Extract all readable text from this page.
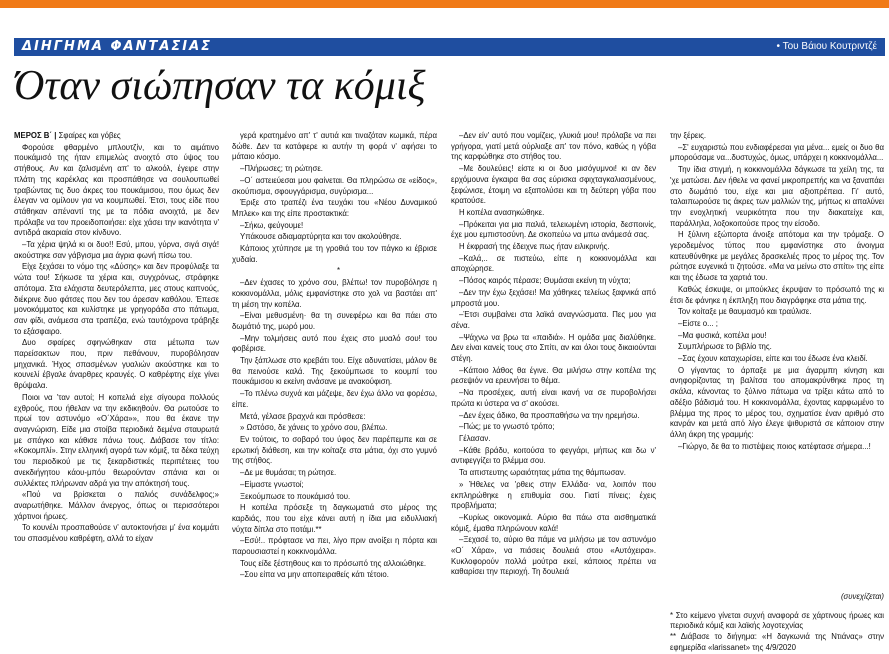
ΔΙΗΓΗΜΑ ΦΑΝΤΑΣΙΑΣ	• Του Βάιου Κουτριντζέ
Όταν σιώπησαν τα κόμιξ

ΜΕΡΟΣ Β΄ | Σφαίρες και γόβες

Φορούσε φθαρμένο μπλουτζίν, και το αιμάτινο πουκάμισό της ήταν επιμελώς ανοιχτό στο ύψος του στήθους. Αν και ζαλισμένη απ' το αλκοόλ, έγειρε στην πλάτη της καρέκλας και προσπάθησε να σουλουπωθεί τραβώντας τις δυο άκρες του πουκάμισου, που όμως δεν έλεγαν να ομίλουν για να κουμπωθεί. Έτσι, τους είδε που στάθηκαν απέναντί της με τα πόδια ανοιχτά, με δεν πρόλαβε να τον προειδοποιήσει: είχε χάσει την ικανότητα ν' αντιδρά ακαριαία στον κίνδυνο.

–Τα χέρια ψηλά κι οι δυο!! Εσύ, μπου, γύρνα, σιγά σιγά! ακούστηκε σαν γάβγισμα μια άγρια φωνή πίσω του.

Είχε ξεχάσει το νόμο της «Δύσης» και δεν προφύλαξε τα νώτα του! Σήκωσε τα χέρια και, συγχρόνως, στράφηκε απότομα. Στα ελάχιστα δευτερόλεπτα, μες στους καπνούς, διέκρινε δυο φάτσες που δεν του άρεσαν καθόλου. Έπεσε μονοκόμματος και κυλίστηκε με γρηγοράδα στο πάτωμα, σαν φίδι, ανάμεσα στα τραπέζια, ενώ ταυτόχρονα τράβηξε το εξάσφαιρο.

Δυο σφαίρες σφηνώθηκαν στα μέτωπα των παρείσακτων που, πριν πεθάνουν, πυροβόλησαν μηχανικά. Ήχος σπασμένων γυαλιών ακούστηκε και το κουνελί έβγαλε άναρθρες κραυγές. Ο καθρέφτης είχε γίνει θρύψαλα.

Ποιοι να 'ταν αυτοί; Η κοπελιά είχε σίγουρα πολλούς εχθρούς, που ήθελαν να την εκδικηθούν. Θα ρωτούσε το πρωί τον αστυνόμο «Ο΄Χάρα»», που θα έκανε την αναγνώριση. Είδε μια στοίβα περιοδικά δεμένα σταυρωτά με σπάγκο και κάθισε πάνω τους. Διάβασε τον τίτλο: «Κοκομπλί». Στην ελληνική αγορά των κόμιξ, τα δέκα τεύχη του περιοδικού με τις ξεκαρδιστικές περιπέτειες του ανεκδιήγητου κάου-μπόυ θεωρούνταν σπάνια και οι συλλέκτες πλήρωναν αδρά για την απόκτησή τους.

«Πού να βρίσκεται ο παλιός συνάδελφος;» αναρωτήθηκε. Μάλλον άνεργος, όπως οι περισσότεροι χάρτινοι ήρωες.

Το κουνέλι προσπαθούσε ν' αυτοκτονήσει μ' ένα κομμάτι του σπασμένου καθρέφτη, αλλά το είχαν

γερά κρατημένο απ' τ' αυτιά και τιναζόταν κωμικά, πέρα δώθε. Δεν τα κατάφερε κι αυτήν τη φορά ν' αφήσει το μάταιο κόσμο.

–Πλήρωσες; τη ρώτησε.

–Ο΄ αστειεύεσαι μου φαίνεται. Θα πληρώσω σε «είδος», σκούπισμα, σφουγγάρισμα, συγύρισμα...

Έριξε στο τραπέζι ένα τευχάκι του «Νέου Δυναμικού Μπλεκ» και της είπε προστακτικά:

–Σήκω, φεύγουμε!

Υπάκουσε αδιαμαρτύρητα και τον ακολούθησε.

Κάποιος χτύπησε με τη γροθιά του τον πάγκο κι έβρισε χυδαία.

*

–Δεν έχασες το χρόνο σου, βλέπω! τον πυροβόλησε η κοκκινομάλλα, μόλις εμφανίστηκε στο χολ να βαστάει απ' τη μέση την κοπέλα.

–Είναι μεθυσμένη· θα τη συνεφέρω και θα πάει στο δωμάτιό της, μωρό μου.

–Μην τολμήσεις αυτό που έχεις στο μυαλό σου! του φοβέρισε.

Την ξάπλωσε στο κρεβάτι του. Είχε αδυνατίσει, μάλον θε θα πεινούσε καλά. Της ξεκούμπωσε το κουμπί του πουκάμισου κι εκείνη ανάσανε με ανακούφιση.

–Το πλένω συχνά και μάζεψε, δεν έχω άλλο να φορέσω, είπε.

Μετά, γέλασε βραχνά και πρόσθεσε:

» Ωστόσο, δε χάνεις το χρόνο σου, βλέπω.

Εν τούτοις, το σοβαρό του ύφος δεν παρέπεμπε και σε ερωτική διάθεση, και την κοίταζε στα μάτια, όχι στο γυμνό της στήθος.

–Δε με θυμάσαι; τη ρώτησε.

–Είμαστε γνωστοί;

Ξεκούμπωσε το πουκάμισό του.

Η κοπέλα πρόσεξε τη δαγκωματιά στο μέρος της καρδιάς, που του είχε κάνει αυτή η ίδια μια ειδυλλιακή νύχτα δίπλα στο ποτάμι.**

–Εσύ!.. πρόφτασε να πει, λίγο πριν ανοίξει η πόρτα και παρουσιαστεί η κοκκινομάλλα.

Τους είδε ξέστηθους και το πρόσωπό της αλλοιώθηκε.

–Σου είπα να μην αποπειραθείς κάτι τέτοιο.

–Δεν είν' αυτό που νομίζεις, γλυκιά μου! πρόλαβε να πει γρήγορα, γιατί μετά ούρλιαξε απ' τον πόνο, καθώς η γόβα της καρφώθηκε στο στήθος του.

–Με δουλεύεις! είστε κι οι δυο μισόγυμνοι! κι αν δεν ερχόμουνα έγκαιρα θα σας εύρισκα σφιχταγκαλιασμένους, ξεφώνισε, έτοιμη να εξαπολύσει και τη δεύτερη γόβα που κρατούσε.

Η κοπέλα ανασηκώθηκε.

–Πρόκειται για μια παλιά, τελειωμένη ιστορία, δεσποινίς, έχε μου εμπιστοσύνη. Δε σκοπεύω να μπω ανάμεσά σας.

Η έκφρασή της έδειχνε πως ήταν ειλικρινής.

–Καλά,.. σε πιστεύω, είπε η κοκκινομάλλα και αποχώρησε.

–Πόσος καιρός πέρασε; Θυμάσαι εκείνη τη νύχτα;

–Δεν την έχω ξεχάσει! Μα χάθηκες τελείως ξαφνικά από μπροστά μου.

–Έτσι συμβαίνει στα λαϊκά αναγνώσματα. Πες μου για σένα.

–Ψάχνω να βρω τα «παιδιά». Η ομάδα μας διαλύθηκε. Δεν είναι κανείς τους στο Σπίτι, αν και όλοι τους δικαιούνται στέγη.

–Κάποιο λάθος θα έγινε. Θα μιλήσω στην κοπέλα της ρεσεψιόν να ερευνήσει το θέμα.

–Να προσέχεις, αυτή είναι ικανή να σε πυροβολήσει πρώτα κι ύστερα να σ' ακούσει.

–Δεν έχεις άδικο, θα προσπαθήσω να την ηρεμήσω.

–Πώς; με το γνωστό τρόπο;

Γέλασαν.

–Κάθε βράδυ, κοιτούσα το φεγγάρι, μήπως και δω ν' αντιφεγγίζει το βλέμμα σου.

Τα απιστευτης ωραιότητας μάτια της θάμπωσαν.

» Ήθελες να 'ρθεις στην Ελλάδα· να, λοιπόν που εκπληρώθηκε η επιθυμία σου. Γιατί πίνεις; έχεις προβλήματα;

–Κυρίως οικονομικά. Αύριο θα πάω στα αισθηματικά κόμιξ, έμαθα πληρώνουν καλά!

–Ξεχασέ το, αύριο θα πάμε να μιλήσω με τον αστυνόμο «Ο΄ Χάρα», να πιάσεις δουλειά στου «Αυτόχειρα». Κυκλοφορούν πολλά μούτρα εκεί, κάποιος πρέπει να καθαρίσει την περιοχή. Τη δουλειά

την ξέρεις.

–Σ' ευχαριστώ που ενδιαφέρεσαι για μένα... εμείς οι δυο θα μπορούσαμε να...δυστυχώς, όμως, υπάρχει η κοκκινομάλλα...

Την ίδια στιγμή, η κοκκινομάλλα δάγκωσε τα χείλη της, τα 'χε ματώσει. Δεν ήθελε να φανεί μικροπρεπής και να ξαναπάει στο δωμάτιό του, είχε και μια αξιοπρέπεια. Γι' αυτό, ταλαιπωρούσε τις άκρες των μαλλιών της, μήπως κι απαλύνει την ενοχλητική νευρικότητα που την διακατείχε και, παράλληλα, λοξοκοιτούσε προς την είσοδο.

Η ξύλινη εξώπορτα άνοιξε απότομα και την τρόμαξε. Ο γεροδεμένος τύπος που εμφανίστηκε στο άνοιγμα κατευθύνθηκε με μεγάλες δρασκελιές προς το μέρος της. Τον ρώτησε ευγενικά τι ζητούσε. «Μα να μείνω στο σπίτι» της είπε και της έδωσε τα χαρτιά του.

Καθώς έσκυψε, οι μπούκλες έκρυψαν το πρόσωπό της κι έτσι δε φάνηκε η έκπληξη που διαγράφηκε στα μάτια της.

Τον κοίταξε με θαυμασμό και τραύλισε.

–Είστε ο... ;

–Μα φυσικά, κοπέλα μου!

Συμπλήρωσε το βιβλίο της.

–Σας έχουν καταχωρίσει, είπε και του έδωσε ένα κλειδί.

Ο γίγαντας το άρπαξε με μια άγαρμπη κίνηση και ανηφορίζοντας τη βαλίτσα του απομακρύνθηκε προς τη σκάλα, κάνοντας το ξύλινο πάτωμα να τρίξει κάτω από το αδέξιο βάδισμά του. Η κοκκινομάλλα, έχοντας καρφωμένο το βλέμμα της προς το μέρος του, σχηματίσε έναν αριθμό στο κανράν και μετά από λίγο έλεγε ψιθυριστά σε κάποιον στην άλλη άκρη της γραμμής:

–Γιώργο, δε θα το πιστέψεις ποιος κατέφτασε σήμερα...!

(συνεχίζεται)

* Στο κείμενο γίνεται συχνή αναφορά σε χάρτινους ήρωες και περιοδικά κόμιξ και λαϊκής λογοτεχνίας

** Διάβασε το διήγημα: «Η δαγκωνιά της Ντιάνας» στην εφημερίδα «larissanet» της 4/9/2020
